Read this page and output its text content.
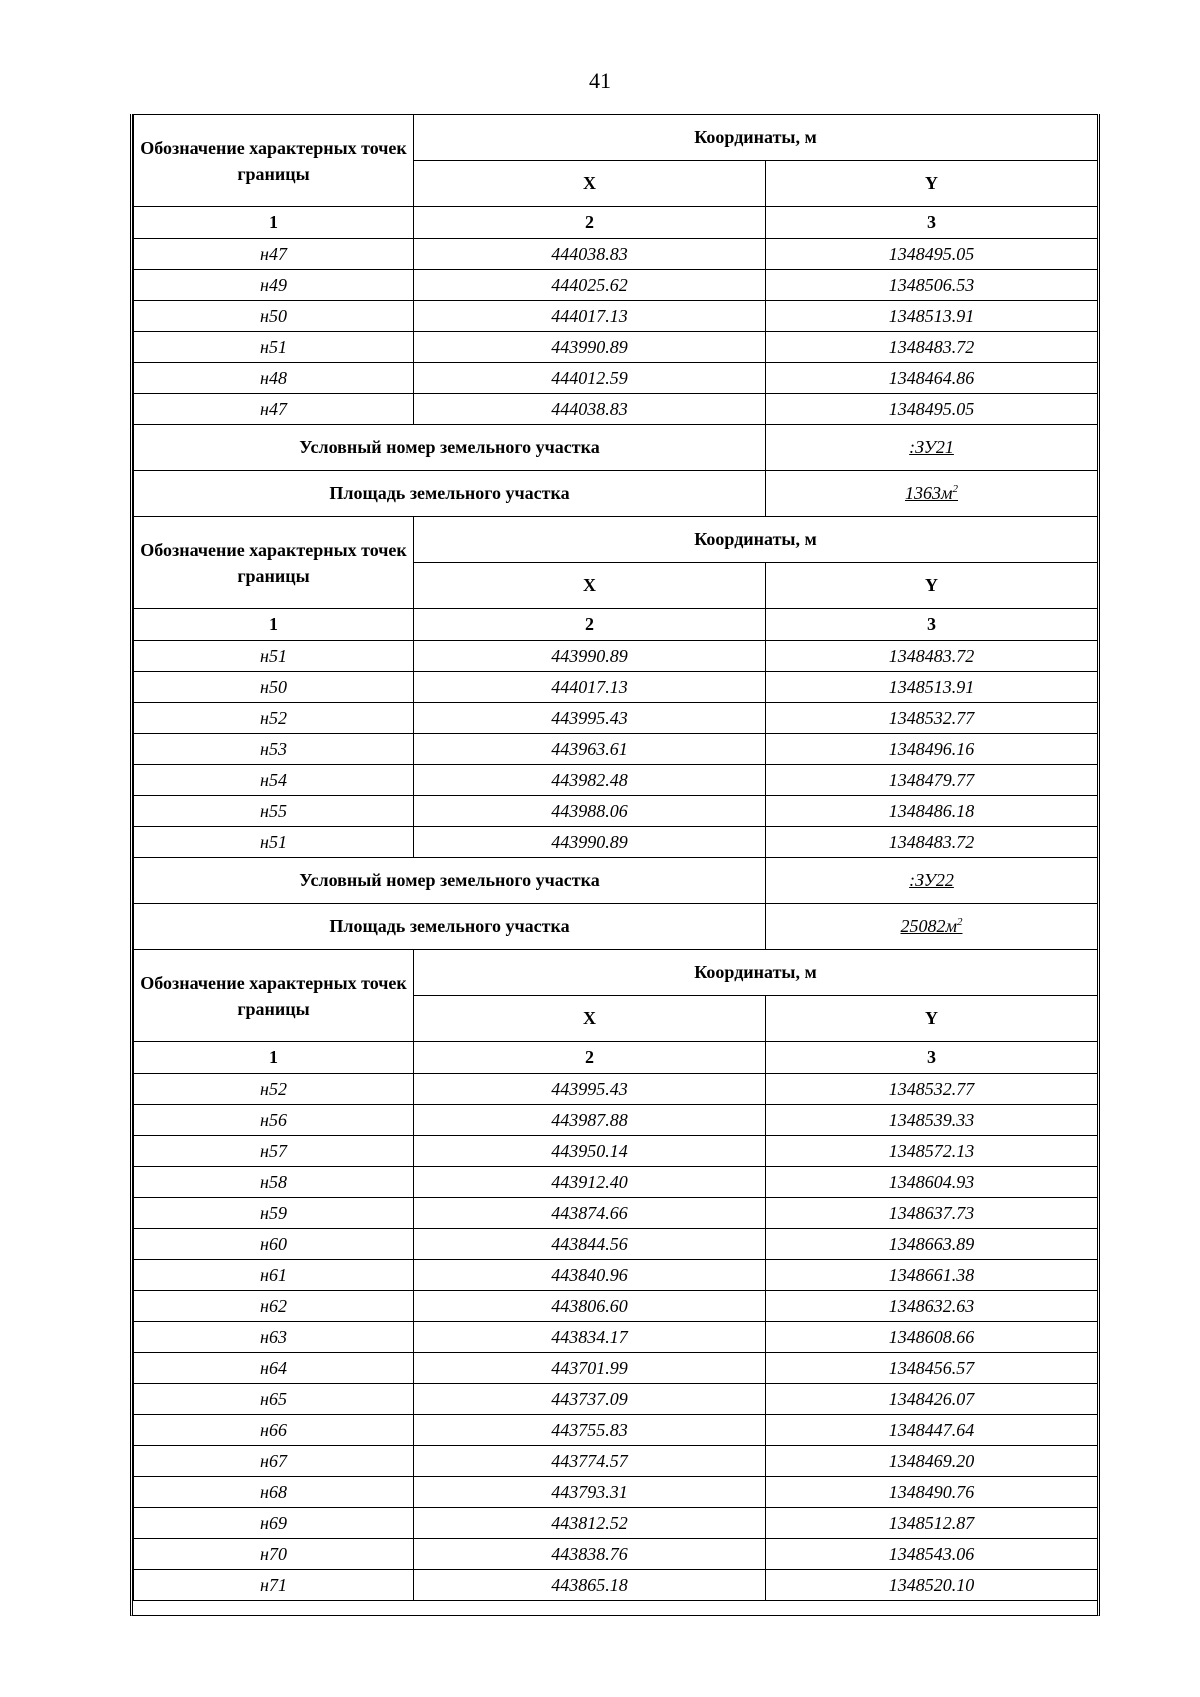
41
Обозначение характерных точек границы	Координаты, м	
	X	Y
1	2	3
н47	444038.83	1348495.05
н49	444025.62	1348506.53
н50	444017.13	1348513.91
н51	443990.89	1348483.72
н48	444012.59	1348464.86
н47	444038.83	1348495.05
Условный номер земельного участка		:ЗУ21
Площадь земельного участка		$1363м^2$
Обозначение характерных точек границы	Координаты, м	
	X	Y
1	2	3
н51	443990.89	1348483.72
н50	444017.13	1348513.91
н52	443995.43	1348532.77
н53	443963.61	1348496.16
н54	443982.48	1348479.77
н55	443988.06	1348486.18
н51	443990.89	1348483.72
Условный номер земельного участка		:ЗУ22
Площадь земельного участка		$25082м^2$
Обозначение характерных точек границы	Координаты, м	
	X	Y
1	2	3
н52	443995.43	1348532.77
н56	443987.88	1348539.33
н57	443950.14	1348572.13
н58	443912.40	1348604.93
н59	443874.66	1348637.73
н60	443844.56	1348663.89
н61	443840.96	1348661.38
н62	443806.60	1348632.63
н63	443834.17	1348608.66
н64	443701.99	1348456.57
н65	443737.09	1348426.07
н66	443755.83	1348447.64
н67	443774.57	1348469.20
н68	443793.31	1348490.76
н69	443812.52	1348512.87
н70	443838.76	1348543.06
н71	443865.18	1348520.10
